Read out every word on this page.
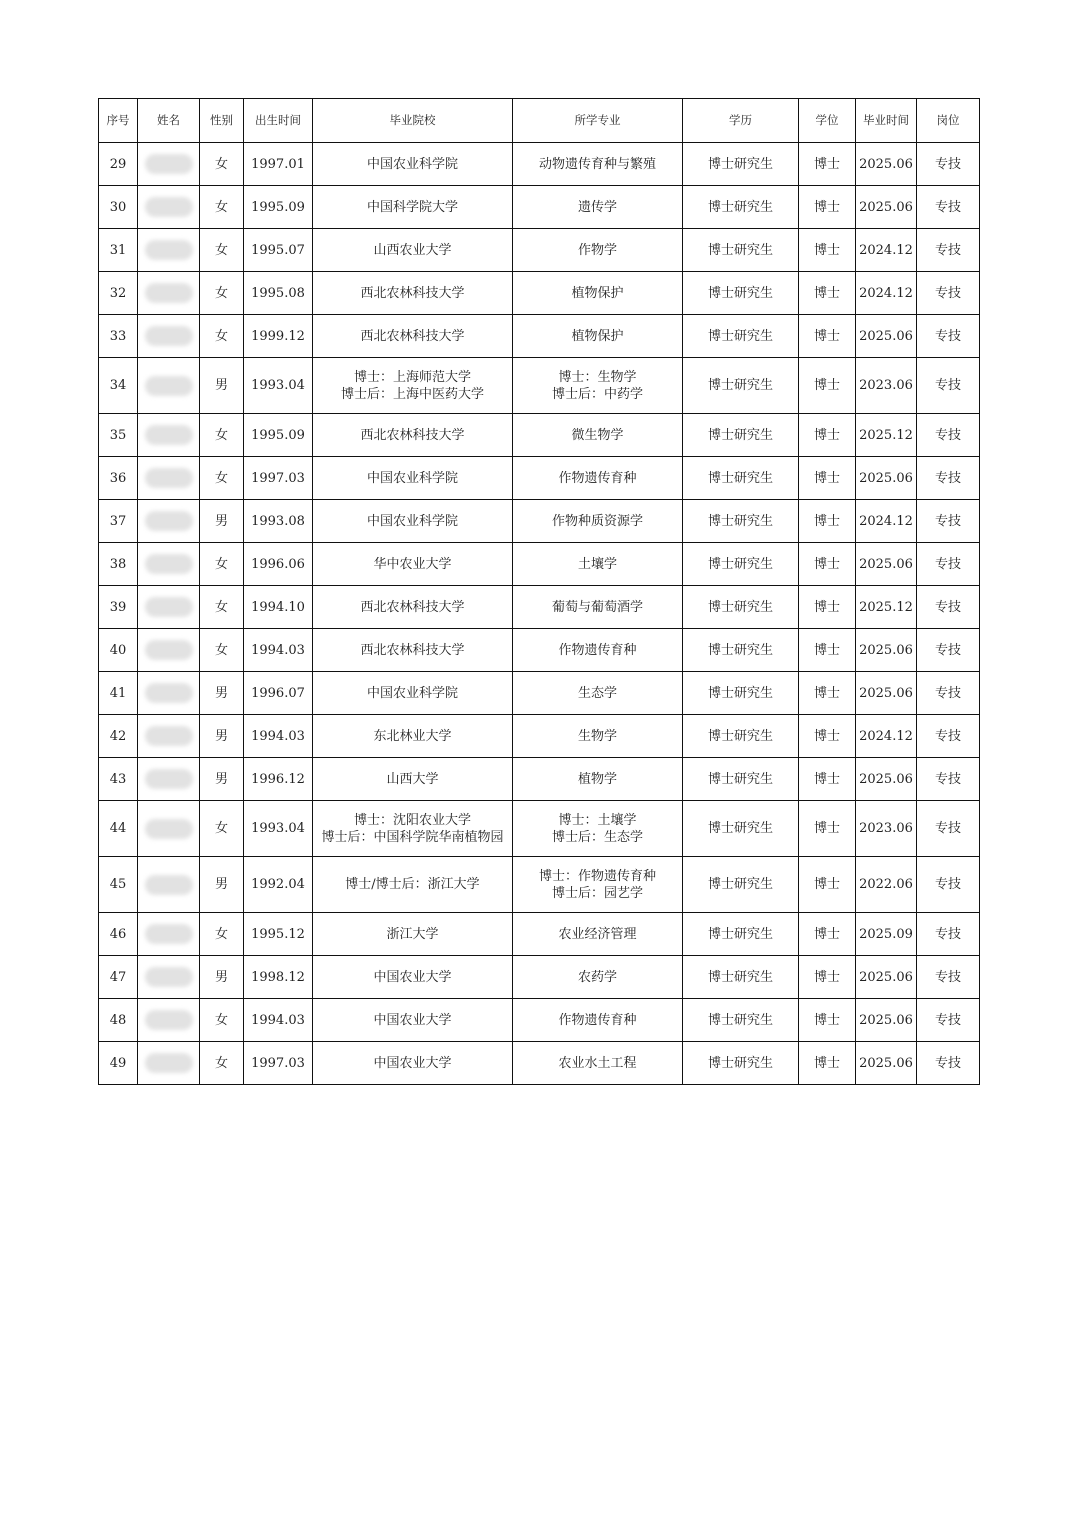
序号	姓名	性别	出生时间	毕业院校	所学专业	学历	学位	毕业时间	岗位
29		女	1997.01	中国农业科学院	动物遗传育种与繁殖	博士研究生	博士	2025.06	专技
30		女	1995.09	中国科学院大学	遗传学	博士研究生	博士	2025.06	专技
31		女	1995.07	山西农业大学	作物学	博士研究生	博士	2024.12	专技
32		女	1995.08	西北农林科技大学	植物保护	博士研究生	博士	2024.12	专技
33		女	1999.12	西北农林科技大学	植物保护	博士研究生	博士	2025.06	专技
34		男	1993.04	博士：上海师范大学
博士后：上海中医药大学	博士：生物学
博士后：中药学	博士研究生	博士	2023.06	专技
35		女	1995.09	西北农林科技大学	微生物学	博士研究生	博士	2025.12	专技
36		女	1997.03	中国农业科学院	作物遗传育种	博士研究生	博士	2025.06	专技
37		男	1993.08	中国农业科学院	作物种质资源学	博士研究生	博士	2024.12	专技
38		女	1996.06	华中农业大学	土壤学	博士研究生	博士	2025.06	专技
39		女	1994.10	西北农林科技大学	葡萄与葡萄酒学	博士研究生	博士	2025.12	专技
40		女	1994.03	西北农林科技大学	作物遗传育种	博士研究生	博士	2025.06	专技
41		男	1996.07	中国农业科学院	生态学	博士研究生	博士	2025.06	专技
42		男	1994.03	东北林业大学	生物学	博士研究生	博士	2024.12	专技
43		男	1996.12	山西大学	植物学	博士研究生	博士	2025.06	专技
44		女	1993.04	博士：沈阳农业大学
博士后：中国科学院华南植物园	博士：土壤学
博士后：生态学	博士研究生	博士	2023.06	专技
45		男	1992.04	博士/博士后：浙江大学	博士：作物遗传育种
博士后：园艺学	博士研究生	博士	2022.06	专技
46		女	1995.12	浙江大学	农业经济管理	博士研究生	博士	2025.09	专技
47		男	1998.12	中国农业大学	农药学	博士研究生	博士	2025.06	专技
48		女	1994.03	中国农业大学	作物遗传育种	博士研究生	博士	2025.06	专技
49		女	1997.03	中国农业大学	农业水土工程	博士研究生	博士	2025.06	专技
